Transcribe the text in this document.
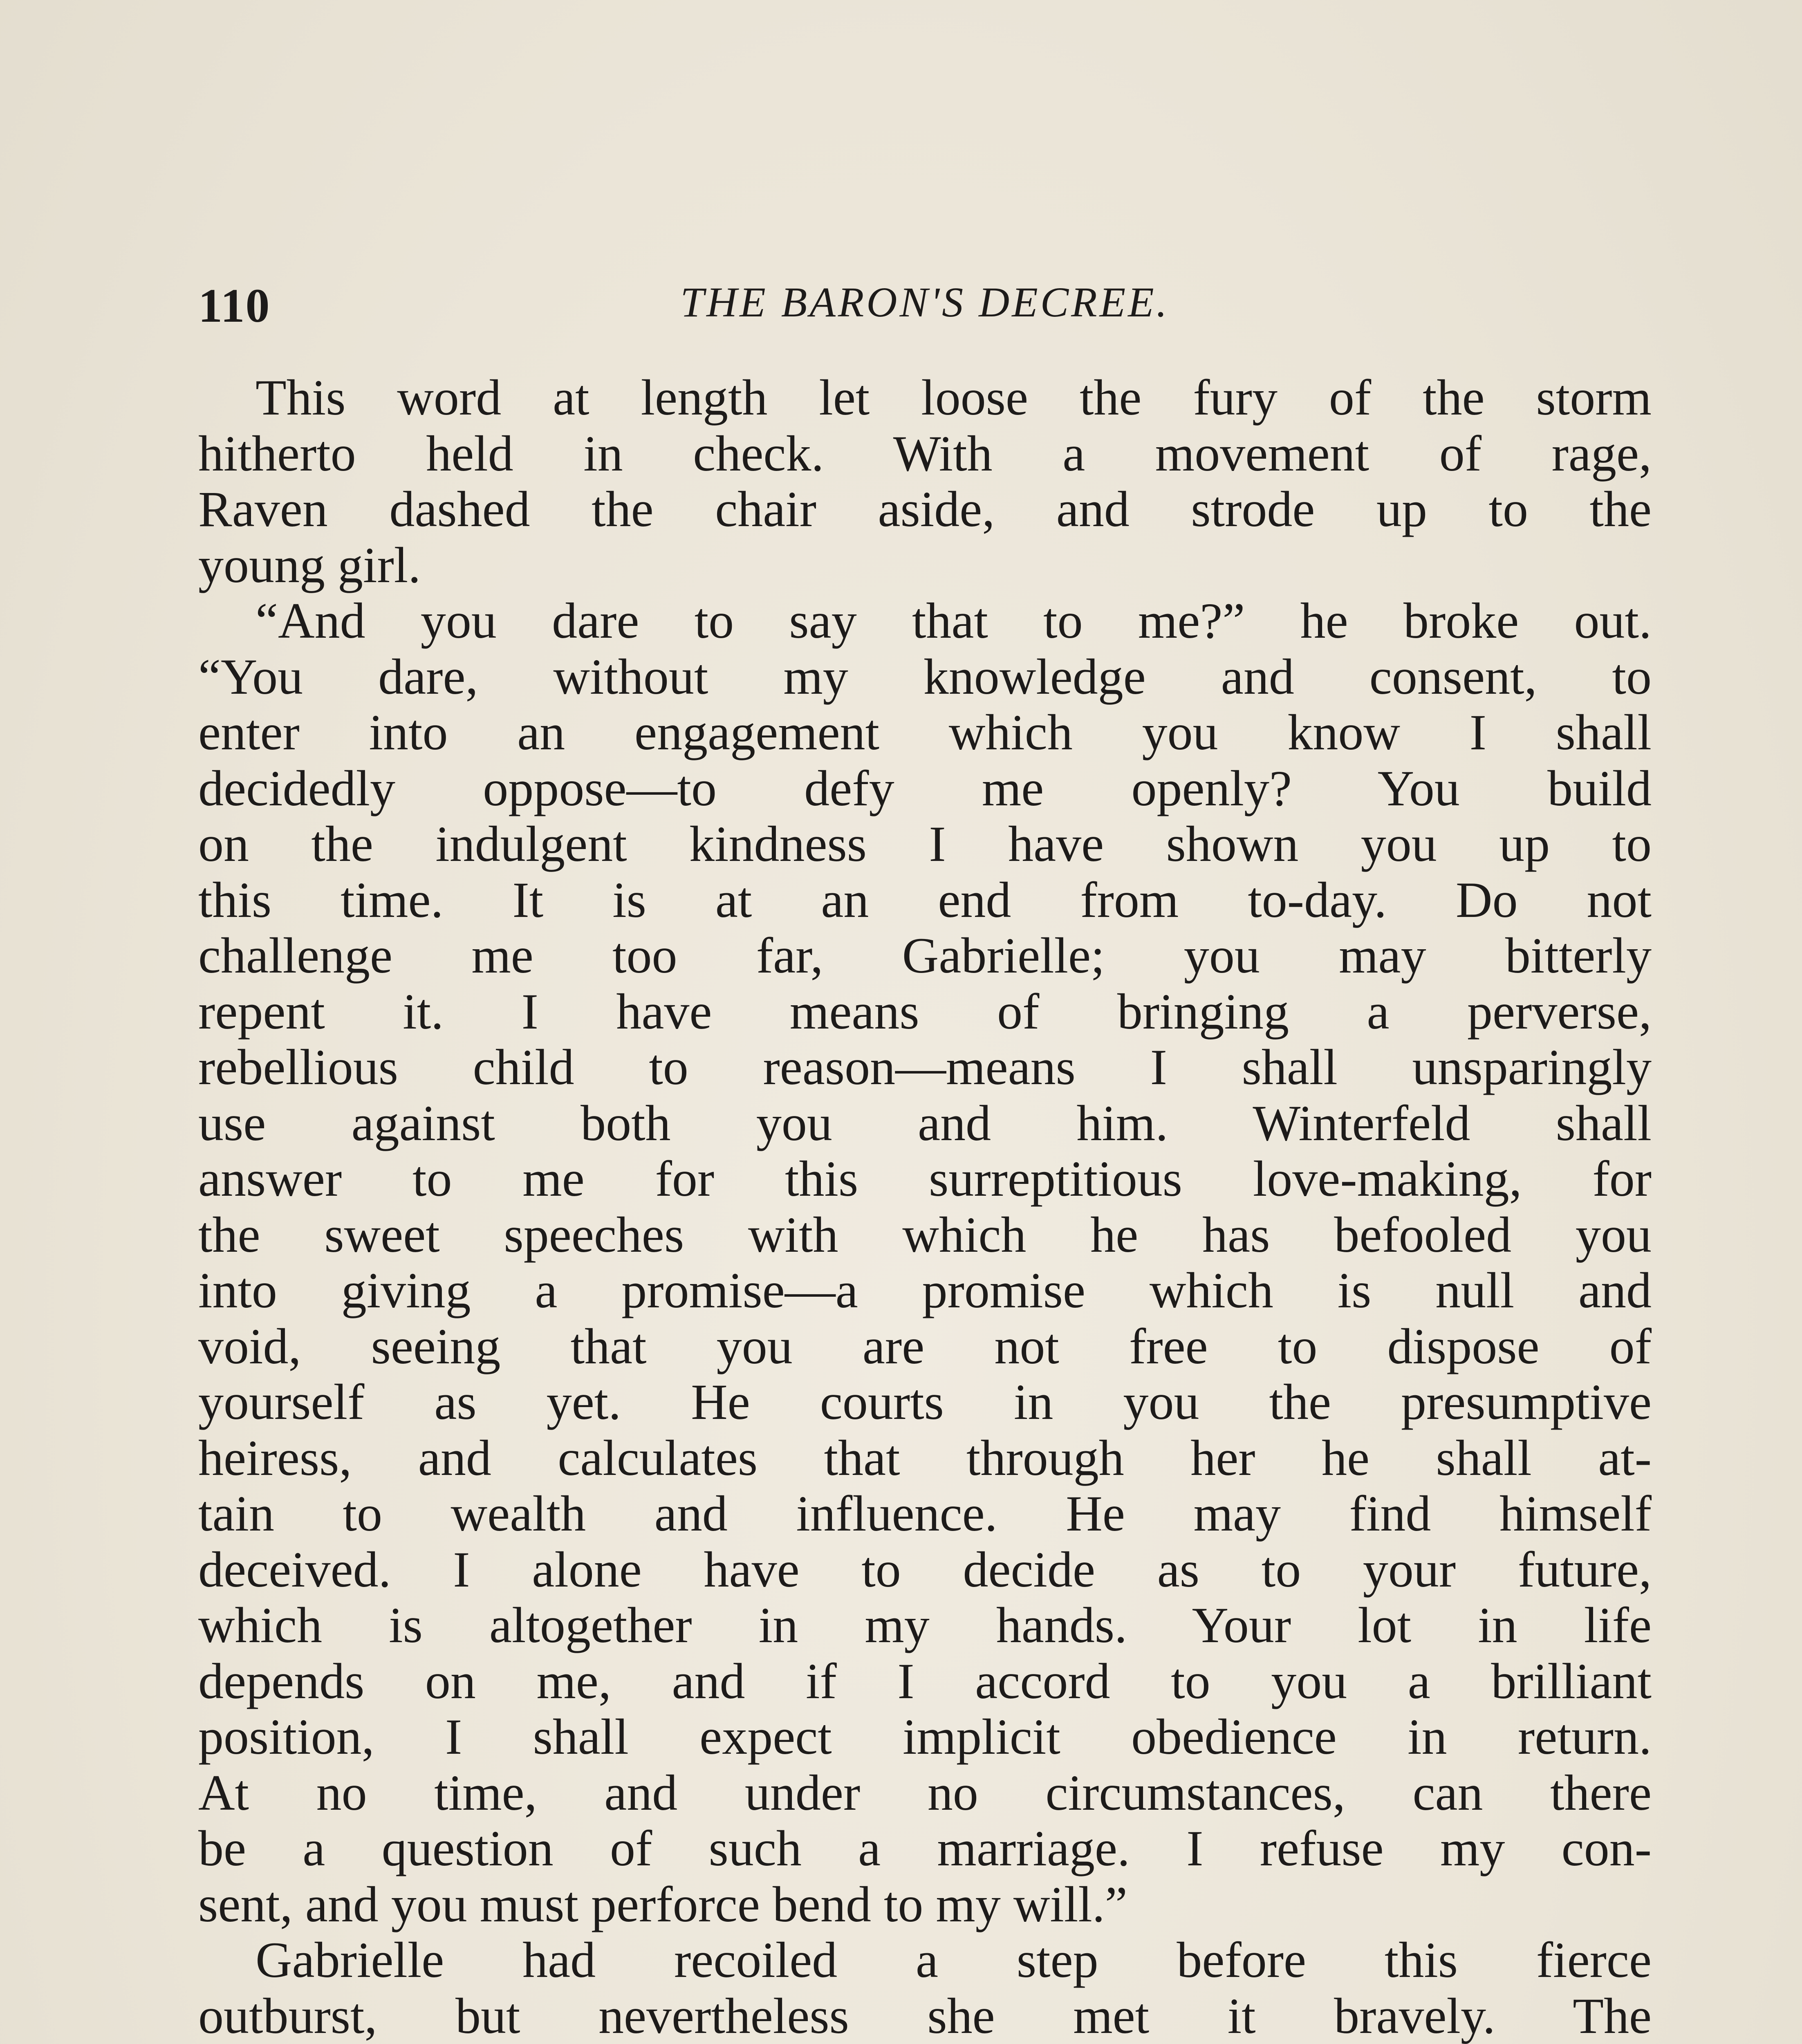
110	THE BARON'S DECREE.
This word at length let loose the fury of the storm
hitherto held in check. With a movement of rage,
Raven dashed the chair aside, and strode up to the
young girl.
“And you dare to say that to me?” he broke out.
“You dare, without my knowledge and consent, to
enter into an engagement which you know I shall
decidedly oppose—to defy me openly? You build
on the indulgent kindness I have shown you up to
this time. It is at an end from to-day. Do not
challenge me too far, Gabrielle; you may bitterly
repent it. I have means of bringing a perverse,
rebellious child to reason—means I shall unsparingly
use against both you and him. Winterfeld shall
answer to me for this surreptitious love-making, for
the sweet speeches with which he has befooled you
into giving a promise—a promise which is null and
void, seeing that you are not free to dispose of
yourself as yet. He courts in you the presumptive
heiress, and calculates that through her he shall at-
tain to wealth and influence. He may find himself
deceived. I alone have to decide as to your future,
which is altogether in my hands. Your lot in life
depends on me, and if I accord to you a brilliant
position, I shall expect implicit obedience in return.
At no time, and under no circumstances, can there
be a question of such a marriage. I refuse my con-
sent, and you must perforce bend to my will.”
Gabrielle had recoiled a step before this fierce
outburst, but nevertheless she met it bravely. The
